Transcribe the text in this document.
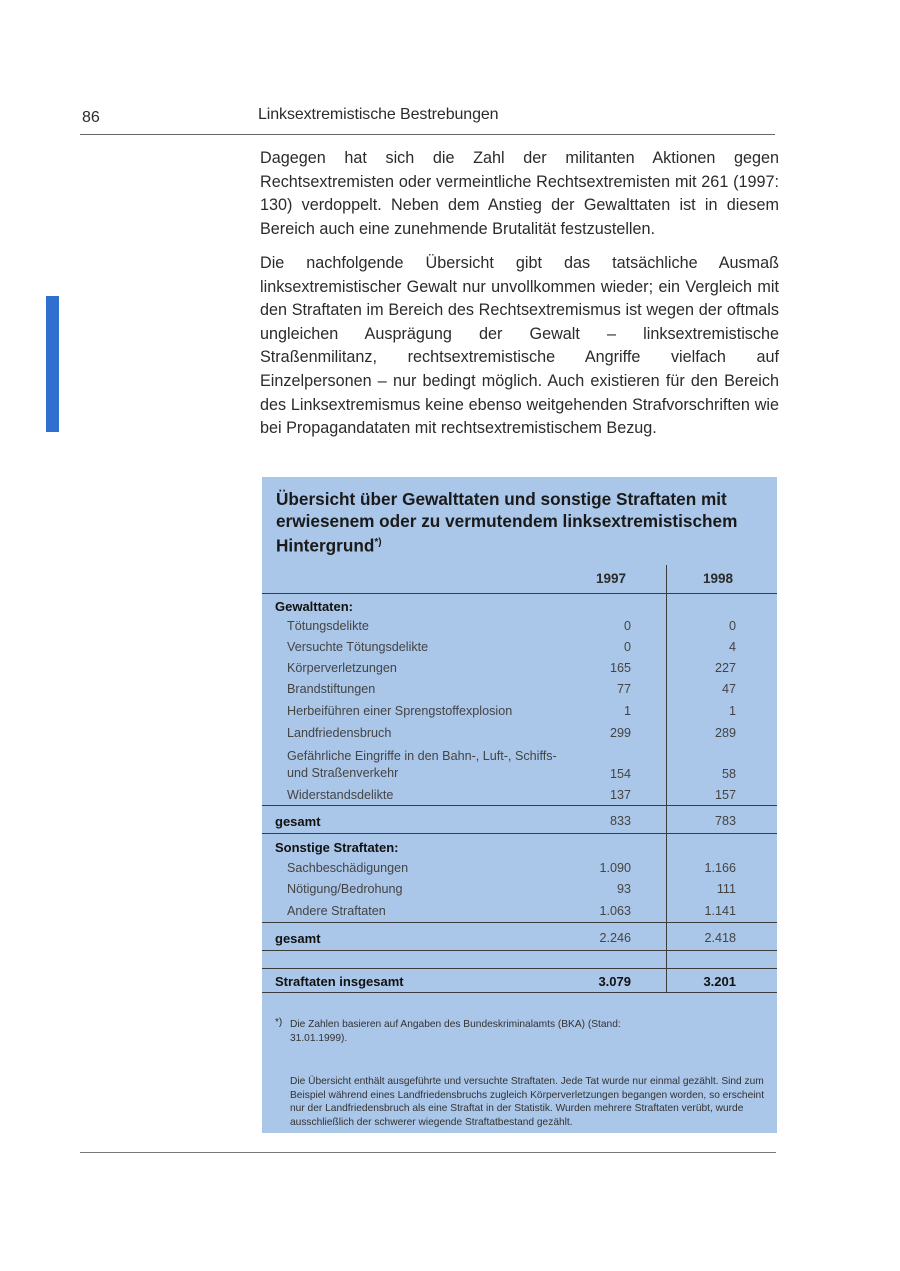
86	Linksextremistische Bestrebungen

Dagegen hat sich die Zahl der militanten Aktionen gegen Rechtsextremisten oder vermeintliche Rechtsextremisten mit 261 (1997: 130) verdoppelt. Neben dem Anstieg der Gewalttaten ist in diesem Bereich auch eine zunehmende Brutalität festzustellen.

Die nachfolgende Übersicht gibt das tatsächliche Ausmaß linksextremistischer Gewalt nur unvollkommen wieder; ein Vergleich mit den Straftaten im Bereich des Rechtsextremismus ist wegen der oftmals ungleichen Ausprägung der Gewalt – linksextremistische Straßenmilitanz, rechtsextremistische Angriffe vielfach auf Einzelpersonen – nur bedingt möglich. Auch existieren für den Bereich des Linksextremismus keine ebenso weitgehenden Strafvorschriften wie bei Propagandataten mit rechtsextremistischem Bezug.

Übersicht über Gewalttaten und sonstige Straftaten mit erwiesenem oder zu vermutendem linksextremistischem Hintergrund*)
1997	1998
Gewalttaten:
Tötungsdelikte	0	0
Versuchte Tötungsdelikte	0	4
Körperverletzungen	165	227
Brandstiftungen	77	47
Herbeiführen einer Sprengstoffexplosion	1	1
Landfriedensbruch	299	289
Gefährliche Eingriffe in den Bahn-, Luft-, Schiffs- und Straßenverkehr	154	58
Widerstandsdelikte	137	157
gesamt	833	783
Sonstige Straftaten:
Sachbeschädigungen	1.090	1.166
Nötigung/Bedrohung	93	111
Andere Straftaten	1.063	1.141
gesamt	2.246	2.418
Straftaten insgesamt	3.079	3.201
*) Die Zahlen basieren auf Angaben des Bundeskriminalamts (BKA) (Stand: 31.01.1999).

Die Übersicht enthält ausgeführte und versuchte Straftaten. Jede Tat wurde nur einmal gezählt. Sind zum Beispiel während eines Landfriedensbruchs zugleich Körperverletzungen begangen worden, so erscheint nur der Landfriedensbruch als eine Straftat in der Statistik. Wurden mehrere Straftaten verübt, wurde ausschließlich der schwerer wiegende Straftatbestand gezählt.
